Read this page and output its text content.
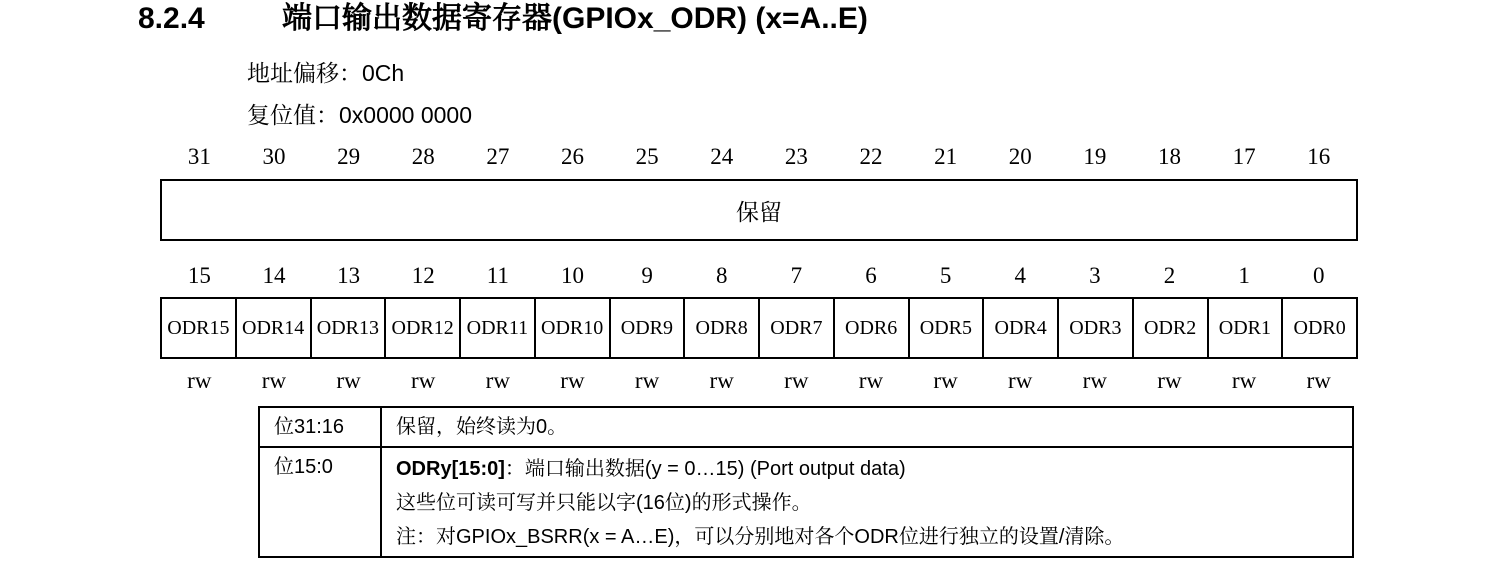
8.2.4	端口输出数据寄存器(GPIOx_ODR) (x=A..E)
地址偏移：0Ch
复位值：0x0000 0000
31	30	29	28	27	26	25	24	23	22	21	20	19	18	17	16
保留
15	14	13	12	11	10	9	8	7	6	5	4	3	2	1	0
ODR15 ODR14 ODR13 ODR12 ODR11 ODR10 ODR9	ODR8	ODR7	ODR6	ODR5	ODR4	ODR3	ODR2	ODR1	ODR0
rw	rw	rw	rw	rw	rw	rw	rw	rw	rw	rw	rw	rw	rw	rw	rw
位31:16	保留，始终读为0。
位15:0	ODRy[15:0]：端口输出数据(y = 0…15) (Port output data)
这些位可读可写并只能以字(16位)的形式操作。
注：对GPIOx_BSRR(x = A…E)，可以分别地对各个ODR位进行独立的设置/清除。
